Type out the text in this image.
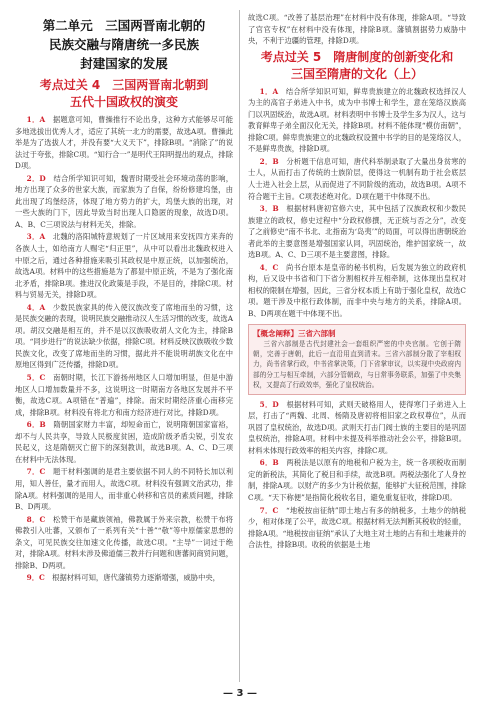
第二单元　三国两晋南北朝的
民族交融与隋唐统一多民族
封建国家的发展
考点过关 4　三国两晋南北朝到
五代十国政权的演变

1．A　 据题意可知，曹操推行不论出身，这种方式能够尽可能多地选拔出优秀人才，适应了其统一北方的需要，故选A项。曹操此举是为了选拔人才，并没有要“大义天下”，排除B项。“消除了”的说法过于夸张，排除C项。“知行合一”是明代王阳明提出的观点，排除D项。

2．D　 结合所学知识可知，魏晋时期受社会环境动荡的影响，地方出现了众多的世家大族，而家族为了自保，纷纷修建坞堡，由此出现了坞堡经济，体现了地方势力的扩大，坞堡大族的出现，对一些大族的门下，因此导致当时出现人口隐匿的现象，故选D项。A、B、C三项说法与材料无关，排除。

3．A　 北魏的洛阳城特意规划了一片区域用来安抚四方来奔的各族人士，如给南方人赐宅“归正里”，从中可以看出北魏政权进入中原之后，通过各种措施来吸引其政权是中原正统，以加强统治，故选A项。材料中的这些措施是为了都显中原正统，不是为了强化南北矛盾，排除B项。推进汉化政策是手段，不是目的，排除C项。材料与贸易无关，排除D项。

4．A　 少数民族家具的传入使汉族改变了席地而坐的习惯，这是民族交融的表现，说明民族交融推动汉人生活习惯的改变，故选A项。胡汉交融是相互的，并不是以汉族吸收胡人文化为主，排除B项。“同步进行”的说法缺少依据，排除C项。材料反映汉族吸收少数民族文化，改变了席地而坐的习惯，据此并不能说明胡族文化在中原地区得到广泛传播，排除D项。

5．C　 南朝时期，长江下游扬州地区人口增加明显，但是中游地区人口增加数量并不多，这说明这一时期南方各地区发展并不平衡，故选C项。A项错在“普遍”，排除。南宋时期经济重心南移完成，排除B项。材料没有将北方和南方经济进行对比，排除D项。

6．B　 隋朝国家财力丰富，却短命而亡，说明隋朝国家富裕，却不与人民共享，导致人民极度贫困，造成阶级矛盾尖锐，引发农民起义，这是隋朝灭亡留下的深刻教训，故选B项。A、C、D三项在材料中无法体现。

7．C　 题干材料强调的是君主要依据不同人的不同特长加以利用，知人善任，量才而用人，故选C项。材料没有强调文治武功，排除A项。材料强调的是用人，而非重心转移和官员的素质问题，排除B、D两项。

8．C　 松赞干布是藏族领袖，佛教属于外来宗教，松赞干布将佛教引入吐蕃，又颁布了一系列有关“十善”“敬”等中原儒家思想的条文，可见民族交往加速文化传播，故选C项。“主导”一词过于绝对，排除A项。材料未涉及佛道儒三教并行问题和唐蕃间商贸问题，排除B、D两项。

9．C　 根据材料可知，唐代藩镇势力逐渐增强，威胁中央，

故选C项。“改善了基层治理”在材料中没有体现，排除A项。“导致了官官专权”在材料中没有体现，排除B项。藩镇割据势力威胁中央，不利于边疆的管理，排除D项。

考点过关 5　隋唐制度的创新变化和
三国至隋唐的文化（上）

1．A　 结合所学知识可知，鲜卑贵族建立的北魏政权选择汉人为主的高官子弟进入中书，成为中书博士和学生，意在笼络汉族高门以巩固统治，故选A项。材料表明中书博士及学生多为汉人，这与教育鲜卑子弟全面汉化无关，排除B项。材料不能体现“模仿南朝”，排除C项。鲜卑贵族建立的北魏政权设置中书学的目的是笼络汉人，不是鲜卑贵族，排除D项。

2．B　 分析题干信息可知，唐代科举制录取了大量出身贫寒的士人，从而打击了传统的士族阶层，使得这一机制有助于社会底层人士进入社会上层，从而促进了不同阶级的流动，故选B项。A项不符合题干主旨。C项表述绝对化。D项在题干中体现不出。

3．B　 根据材料唐初官修六史，其中包括了汉族政权和少数民族建立的政权，修史过程中“分政权修撰，无正统与否之分”，改变了之前修史“南不书北、北指南为‘岛夷’”的局面，可以得出唐朝统治者此举的主要意图是增强国家认同，巩固统治，维护国家统一，故选B项。A、C、D三项不是主要意图，排除。

4．C　 尚书台原本是皇帝的秘书机构，后发展为独立的政府机构，后又设中书省和门下省分割相权并互相牵制，这体现出皇权对相权的限制在增强，因此，三省分权本质上有助于强化皇权，故选C项。题干涉及中枢行政体制，而非中央与地方的关系，排除A项。B、D两项在题干中体现不出。

【概念阐释】三省六部制

三省六部制是古代封建社会一套组织严密的中央官制。它创于隋朝，完善于唐朝，此后一直沿用直到清末。三省六部制分散了宰相权力，尚书省掌行政，中书省掌决策，门下省掌审议，以实现中央政府内部的分工与相互牵制，六部分管朝政，与日常事务联系，加强了中央集权，又提高了行政效率，强化了皇权统治。

5．D　 根据材料可知，武则天破格用人，使得寒门子弟进入上层，打击了“两魏、北周、杨隋及唐初将相旧家之政权尊位”，从而巩固了皇权统治，故选D项。武则天打击门阀士族的主要目的是巩固皇权统治，排除A项。材料中未提及科举推动社会公平，排除B项。材料未体现行政效率的相关内容，排除C项。

6．B　 两税法是以原有的地税和户税为主，统一各项税收而制定的新税法，其简化了税目和手续，故选B项。两税法强化了人身控制，排除A项。以财产的多少为计税依据，能够扩大征税范围，排除C项。“天下称便”是指简化税收名目，避免重复征收，排除D项。

7．C　 “地税按亩征纳”即土地占有多的纳税多，土地少的纳税少，相对体现了公平，故选C项。根据材料无法判断其税收的轻重，排除A项。“地税按亩征纳”承认了大地主对土地的占有和土地兼并的合法性，排除B项。收税的依据是土地

— 3 —
